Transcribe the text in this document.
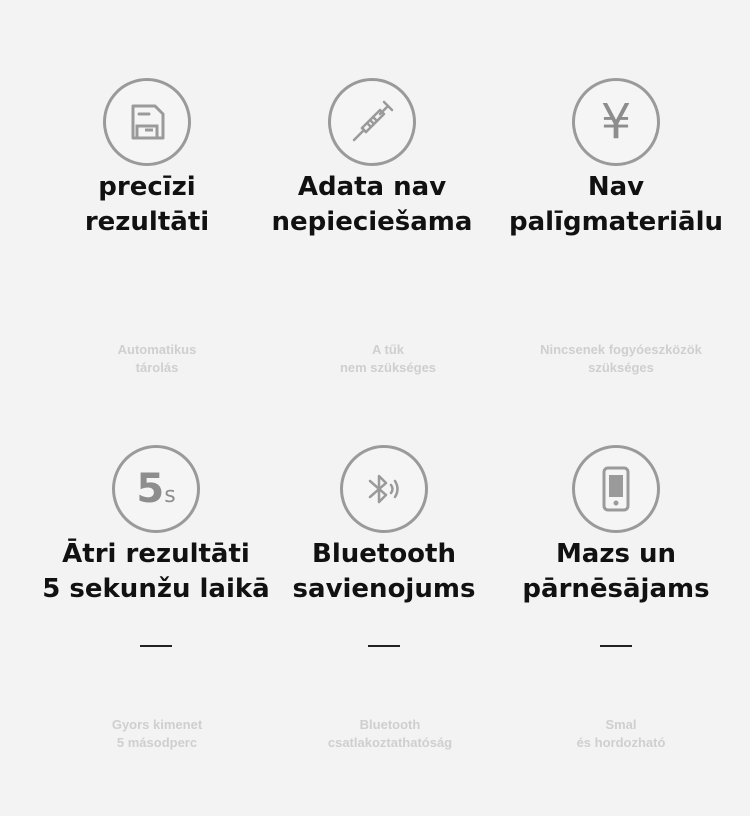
precīzi
rezultāti
Adata nav
nepieciešama
¥
Nav
palīgmateriālu
Automatikus
tárolás
A tűk
nem szükséges
Nincsenek fogyóeszközök
szükséges
5s
Ātri rezultāti
5 sekunžu laikā
Bluetooth
savienojums
Mazs un
pārnēsājams
Gyors kimenet
5 másodperc
Bluetooth
csatlakoztathatóság
Smal
és hordozható
